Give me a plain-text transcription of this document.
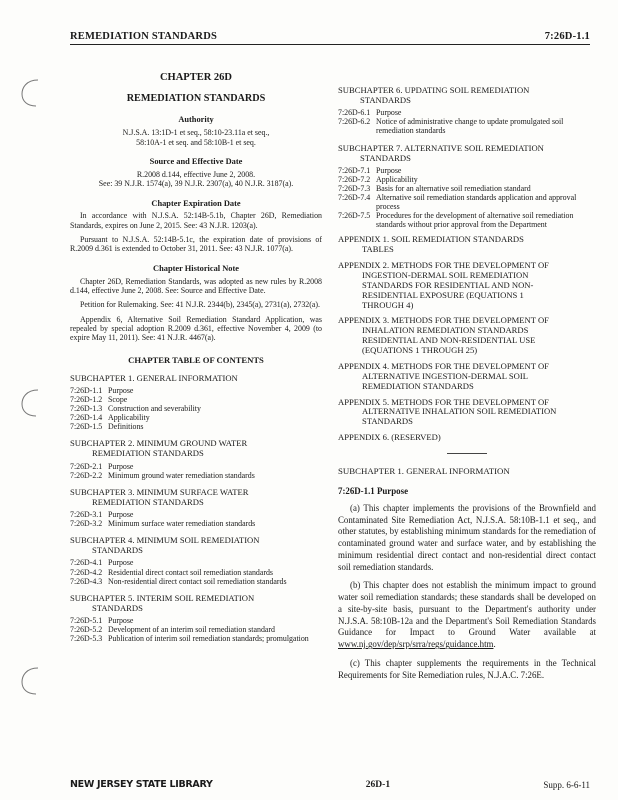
REMEDIATION STANDARDS	7:26D-1.1
CHAPTER 26D
REMEDIATION STANDARDS
Authority
N.J.S.A. 13:1D-1 et seq., 58:10-23.11a et seq.,
58:10A-1 et seq. and 58:10B-1 et seq.
Source and Effective Date
R.2008 d.144, effective June 2, 2008.
See: 39 N.J.R. 1574(a), 39 N.J.R. 2307(a), 40 N.J.R. 3187(a).
Chapter Expiration Date

In accordance with N.J.S.A. 52:14B-5.1b, Chapter 26D, Remediation Standards, expires on June 2, 2015. See: 43 N.J.R. 1203(a).

Pursuant to N.J.S.A. 52:14B-5.1c, the expiration date of provisions of R.2009 d.361 is extended to October 31, 2011. See: 43 N.J.R. 1077(a).

Chapter Historical Note

Chapter 26D, Remediation Standards, was adopted as new rules by R.2008 d.144, effective June 2, 2008. See: Source and Effective Date.

Petition for Rulemaking. See: 41 N.J.R. 2344(b), 2345(a), 2731(a), 2732(a).

Appendix 6, Alternative Soil Remediation Standard Application, was repealed by special adoption R.2009 d.361, effective November 4, 2009 (to expire May 11, 2011). See: 41 N.J.R. 4467(a).

CHAPTER TABLE OF CONTENTS
SUBCHAPTER 1. GENERAL INFORMATION
7:26D-1.1 Purpose
7:26D-1.2 Scope
7:26D-1.3 Construction and severability
7:26D-1.4 Applicability
7:26D-1.5 Definitions
SUBCHAPTER 2. MINIMUM GROUND WATER
REMEDIATION STANDARDS
7:26D-2.1 Purpose
7:26D-2.2 Minimum ground water remediation standards
SUBCHAPTER 3. MINIMUM SURFACE WATER
REMEDIATION STANDARDS
7:26D-3.1 Purpose
7:26D-3.2 Minimum surface water remediation standards
SUBCHAPTER 4. MINIMUM SOIL REMEDIATION
STANDARDS
7:26D-4.1 Purpose
7:26D-4.2 Residential direct contact soil remediation standards
7:26D-4.3 Non-residential direct contact soil remediation standards
SUBCHAPTER 5. INTERIM SOIL REMEDIATION
STANDARDS
7:26D-5.1 Purpose
7:26D-5.2 Development of an interim soil remediation standard
7:26D-5.3 Publication of interim soil remediation standards; promulgation
SUBCHAPTER 6. UPDATING SOIL REMEDIATION
STANDARDS
7:26D-6.1 Purpose
7:26D-6.2 Notice of administrative change to update promulgated soil remediation standards
SUBCHAPTER 7. ALTERNATIVE SOIL REMEDIATION
STANDARDS
7:26D-7.1 Purpose
7:26D-7.2 Applicability
7:26D-7.3 Basis for an alternative soil remediation standard
7:26D-7.4 Alternative soil remediation standards application and approval process
7:26D-7.5 Procedures for the development of alternative soil remediation standards without prior approval from the Department
APPENDIX 1. SOIL REMEDIATION STANDARDS
TABLES
APPENDIX 2. METHODS FOR THE DEVELOPMENT OF
INGESTION-DERMAL SOIL REMEDIATION
STANDARDS FOR RESIDENTIAL AND NON-
RESIDENTIAL EXPOSURE (EQUATIONS 1
THROUGH 4)
APPENDIX 3. METHODS FOR THE DEVELOPMENT OF
INHALATION REMEDIATION STANDARDS
RESIDENTIAL AND NON-RESIDENTIAL USE
(EQUATIONS 1 THROUGH 25)
APPENDIX 4. METHODS FOR THE DEVELOPMENT OF
ALTERNATIVE INGESTION-DERMAL SOIL
REMEDIATION STANDARDS
APPENDIX 5. METHODS FOR THE DEVELOPMENT OF
ALTERNATIVE INHALATION SOIL REMEDIATION
STANDARDS
APPENDIX 6. (RESERVED)
SUBCHAPTER 1. GENERAL INFORMATION
7:26D-1.1 Purpose

(a) This chapter implements the provisions of the Brownfield and Contaminated Site Remediation Act, N.J.S.A. 58:10B-1.1 et seq., and other statutes, by establishing minimum standards for the remediation of contaminated ground water and surface water, and by establishing the minimum residential direct contact and non-residential direct contact soil remediation standards.

(b) This chapter does not establish the minimum impact to ground water soil remediation standards; these standards shall be developed on a site-by-site basis, pursuant to the Department's authority under N.J.S.A. 58:10B-12a and the Department's Soil Remediation Standards Guidance for Impact to Ground Water available at www.nj.gov/dep/srp/srra/regs/guidance.htm.

(c) This chapter supplements the requirements in the Technical Requirements for Site Remediation rules, N.J.A.C. 7:26E.

NEW JERSEY STATE LIBRARY	26D-1	Supp. 6-6-11
